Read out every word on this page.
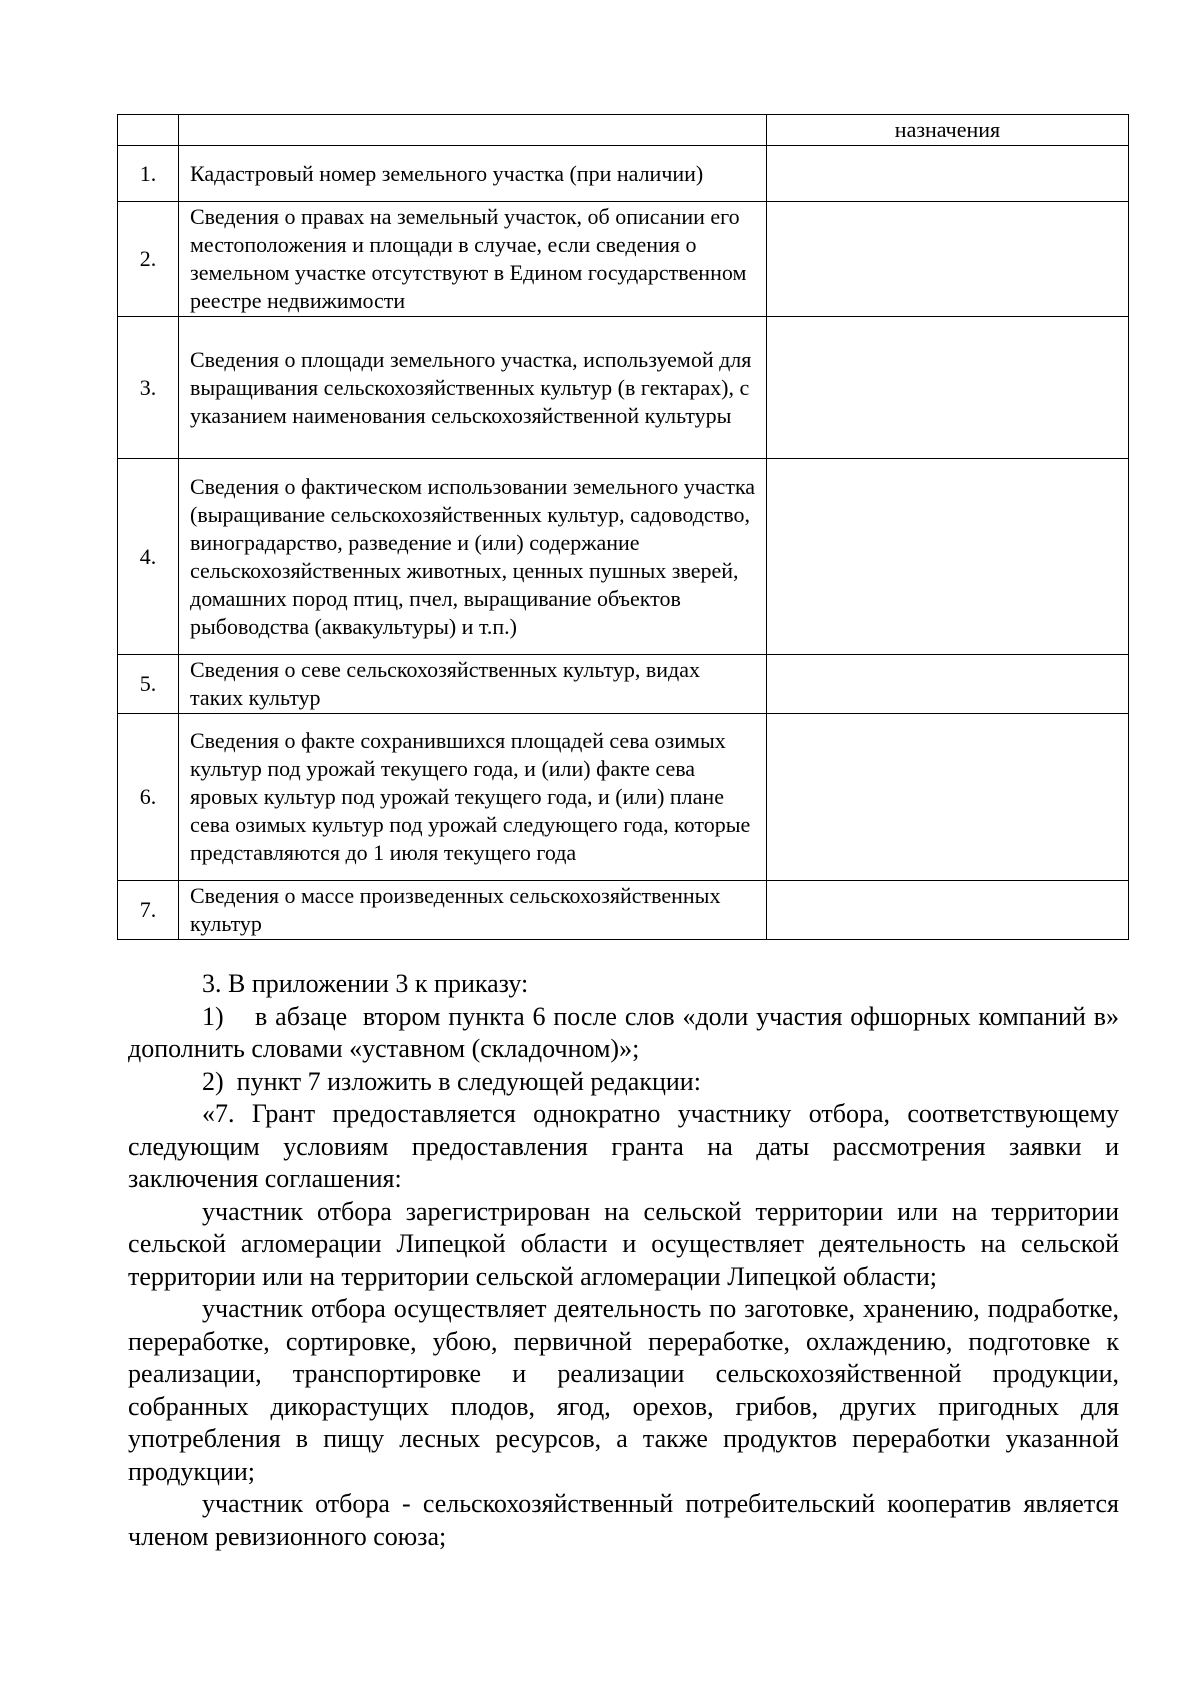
		назначения
1.	Кадастровый номер земельного участка (при наличии)	
2.	Сведения о правах на земельный участок, об описании его местоположения и площади в случае, если сведения о земельном участке отсутствуют в Едином государственном реестре недвижимости	
3.	Сведения о площади земельного участка, используемой для выращивания сельскохозяйственных культур (в гектарах), с указанием наименования сельскохозяйственной культуры	
4.	Сведения о фактическом использовании земельного участка (выращивание сельскохозяйственных культур, садоводство, виноградарство, разведение и (или) содержание сельскохозяйственных животных, ценных пушных зверей, домашних пород птиц, пчел, выращивание объектов рыбоводства (аквакультуры) и т.п.)	
5.	Сведения о севе сельскохозяйственных культур, видах таких культур	
6.	Сведения о факте сохранившихся площадей сева озимых культур под урожай текущего года, и (или) факте сева яровых культур под урожай текущего года, и (или) плане сева озимых культур под урожай следующего года, которые представляются до 1 июля текущего года	
7.	Сведения о массе произведенных сельскохозяйственных культур	

3. В приложении 3 к приказу:

1)    в абзаце  втором пункта 6 после слов «доли участия офшорных компаний в» дополнить словами «уставном (складочном)»;

2)  пункт 7 изложить в следующей редакции:

«7. Грант предоставляется однократно участнику отбора, соответствующему следующим условиям предоставления гранта на даты рассмотрения заявки и заключения соглашения:

участник отбора зарегистрирован на сельской территории или на территории сельской агломерации Липецкой области и осуществляет деятельность на сельской территории или на территории сельской агломерации Липецкой области;

участник отбора осуществляет деятельность по заготовке, хранению, подработке, переработке, сортировке, убою, первичной переработке, охлаждению, подготовке к реализации, транспортировке и реализации сельскохозяйственной продукции, собранных дикорастущих плодов, ягод, орехов, грибов, других пригодных для употребления в пищу лесных ресурсов, а также продуктов переработки указанной продукции;

участник отбора - сельскохозяйственный потребительский кооператив является членом ревизионного союза;
